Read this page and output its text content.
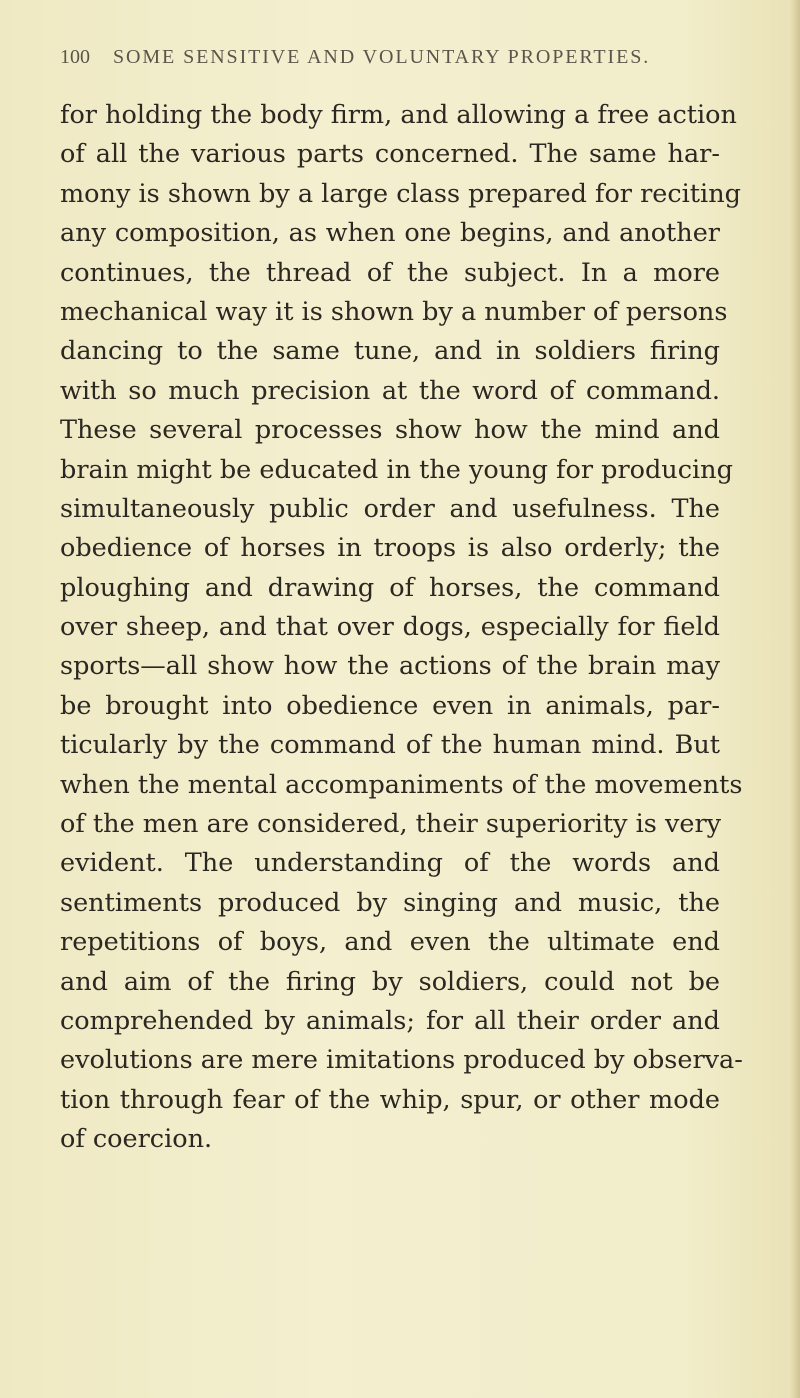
100 SOME SENSITIVE AND VOLUNTARY PROPERTIES.
for holding the body firm, and allowing a free action
of all the various parts concerned. The same har-
mony is shown by a large class prepared for reciting
any composition, as when one begins, and another
continues, the thread of the subject. In a more
mechanical way it is shown by a number of persons
dancing to the same tune, and in soldiers firing
with so much precision at the word of command.
These several processes show how the mind and
brain might be educated in the young for producing
simultaneously public order and usefulness. The
obedience of horses in troops is also orderly; the
ploughing and drawing of horses, the command
over sheep, and that over dogs, especially for field
sports—all show how the actions of the brain may
be brought into obedience even in animals, par-
ticularly by the command of the human mind. But
when the mental accompaniments of the movements
of the men are considered, their superiority is very
evident. The understanding of the words and
sentiments produced by singing and music, the
repetitions of boys, and even the ultimate end
and aim of the firing by soldiers, could not be
comprehended by animals; for all their order and
evolutions are mere imitations produced by observa-
tion through fear of the whip, spur, or other mode
of coercion.
